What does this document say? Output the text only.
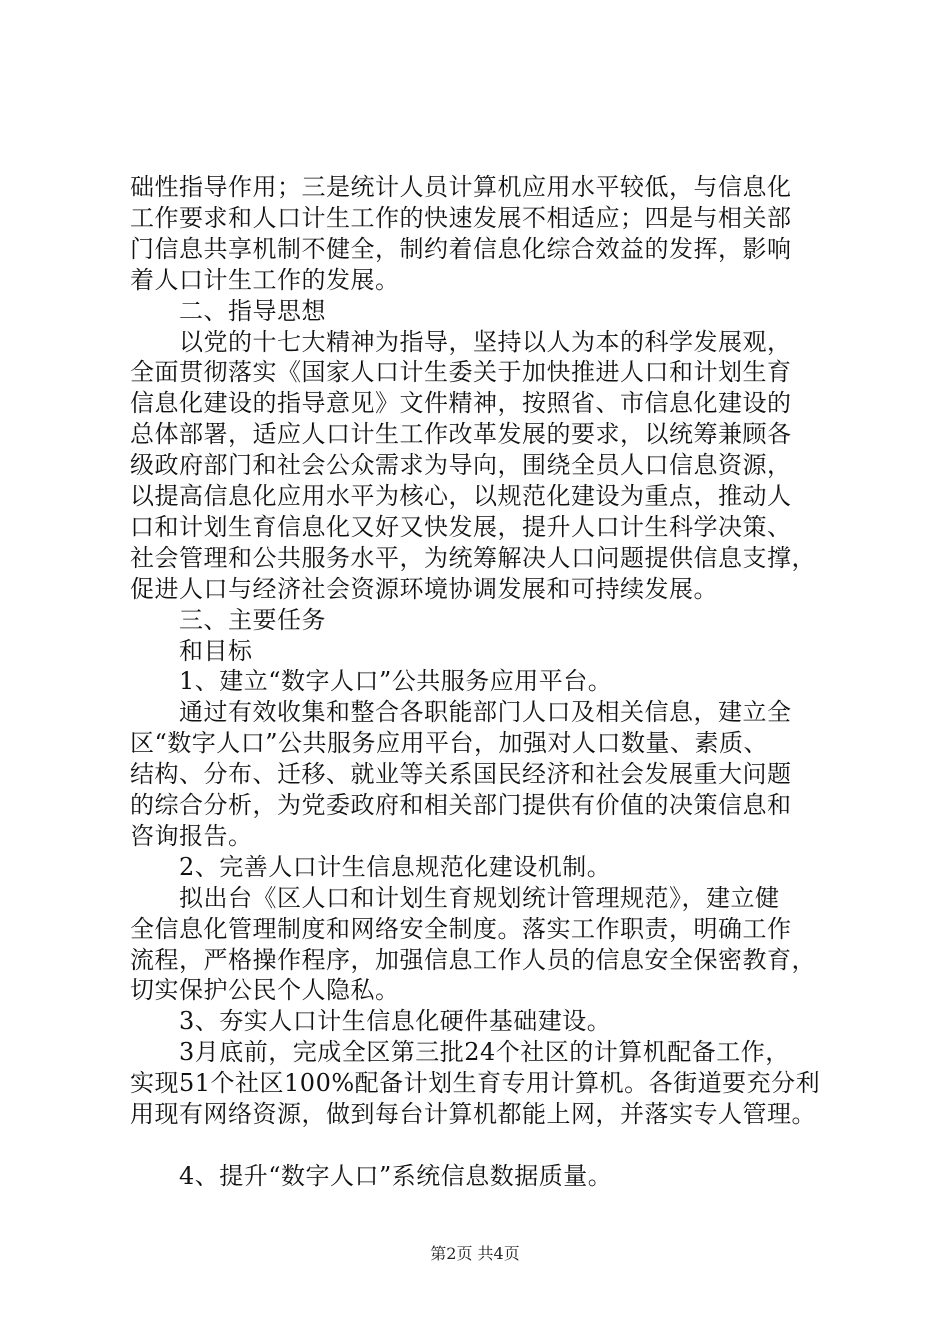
础性指导作用；三是统计人员计算机应用水平较低，与信息化
工作要求和人口计生工作的快速发展不相适应；四是与相关部
门信息共享机制不健全，制约着信息化综合效益的发挥，影响
着人口计生工作的发展。
　　二、指导思想
　　以党的十七大精神为指导，坚持以人为本的科学发展观，
全面贯彻落实《国家人口计生委关于加快推进人口和计划生育
信息化建设的指导意见》文件精神，按照省、市信息化建设的
总体部署，适应人口计生工作改革发展的要求，以统筹兼顾各
级政府部门和社会公众需求为导向，围绕全员人口信息资源，
以提高信息化应用水平为核心，以规范化建设为重点，推动人
口和计划生育信息化又好又快发展，提升人口计生科学决策、
社会管理和公共服务水平，为统筹解决人口问题提供信息支撑，
促进人口与经济社会资源环境协调发展和可持续发展。
　　三、主要任务
　　和目标
　　1、建立“数字人口”公共服务应用平台。
　　通过有效收集和整合各职能部门人口及相关信息，建立全
区“数字人口”公共服务应用平台，加强对人口数量、素质、
结构、分布、迁移、就业等关系国民经济和社会发展重大问题
的综合分析，为党委政府和相关部门提供有价值的决策信息和
咨询报告。
　　2、完善人口计生信息规范化建设机制。
　　拟出台《区人口和计划生育规划统计管理规范》，建立健
全信息化管理制度和网络安全制度。落实工作职责，明确工作
流程，严格操作程序，加强信息工作人员的信息安全保密教育，
切实保护公民个人隐私。
　　3、夯实人口计生信息化硬件基础建设。
　　3月底前，完成全区第三批24个社区的计算机配备工作，
实现51个社区100%配备计划生育专用计算机。各街道要充分利
用现有网络资源，做到每台计算机都能上网，并落实专人管理。
　　4、提升“数字人口”系统信息数据质量。
第2页 共4页
